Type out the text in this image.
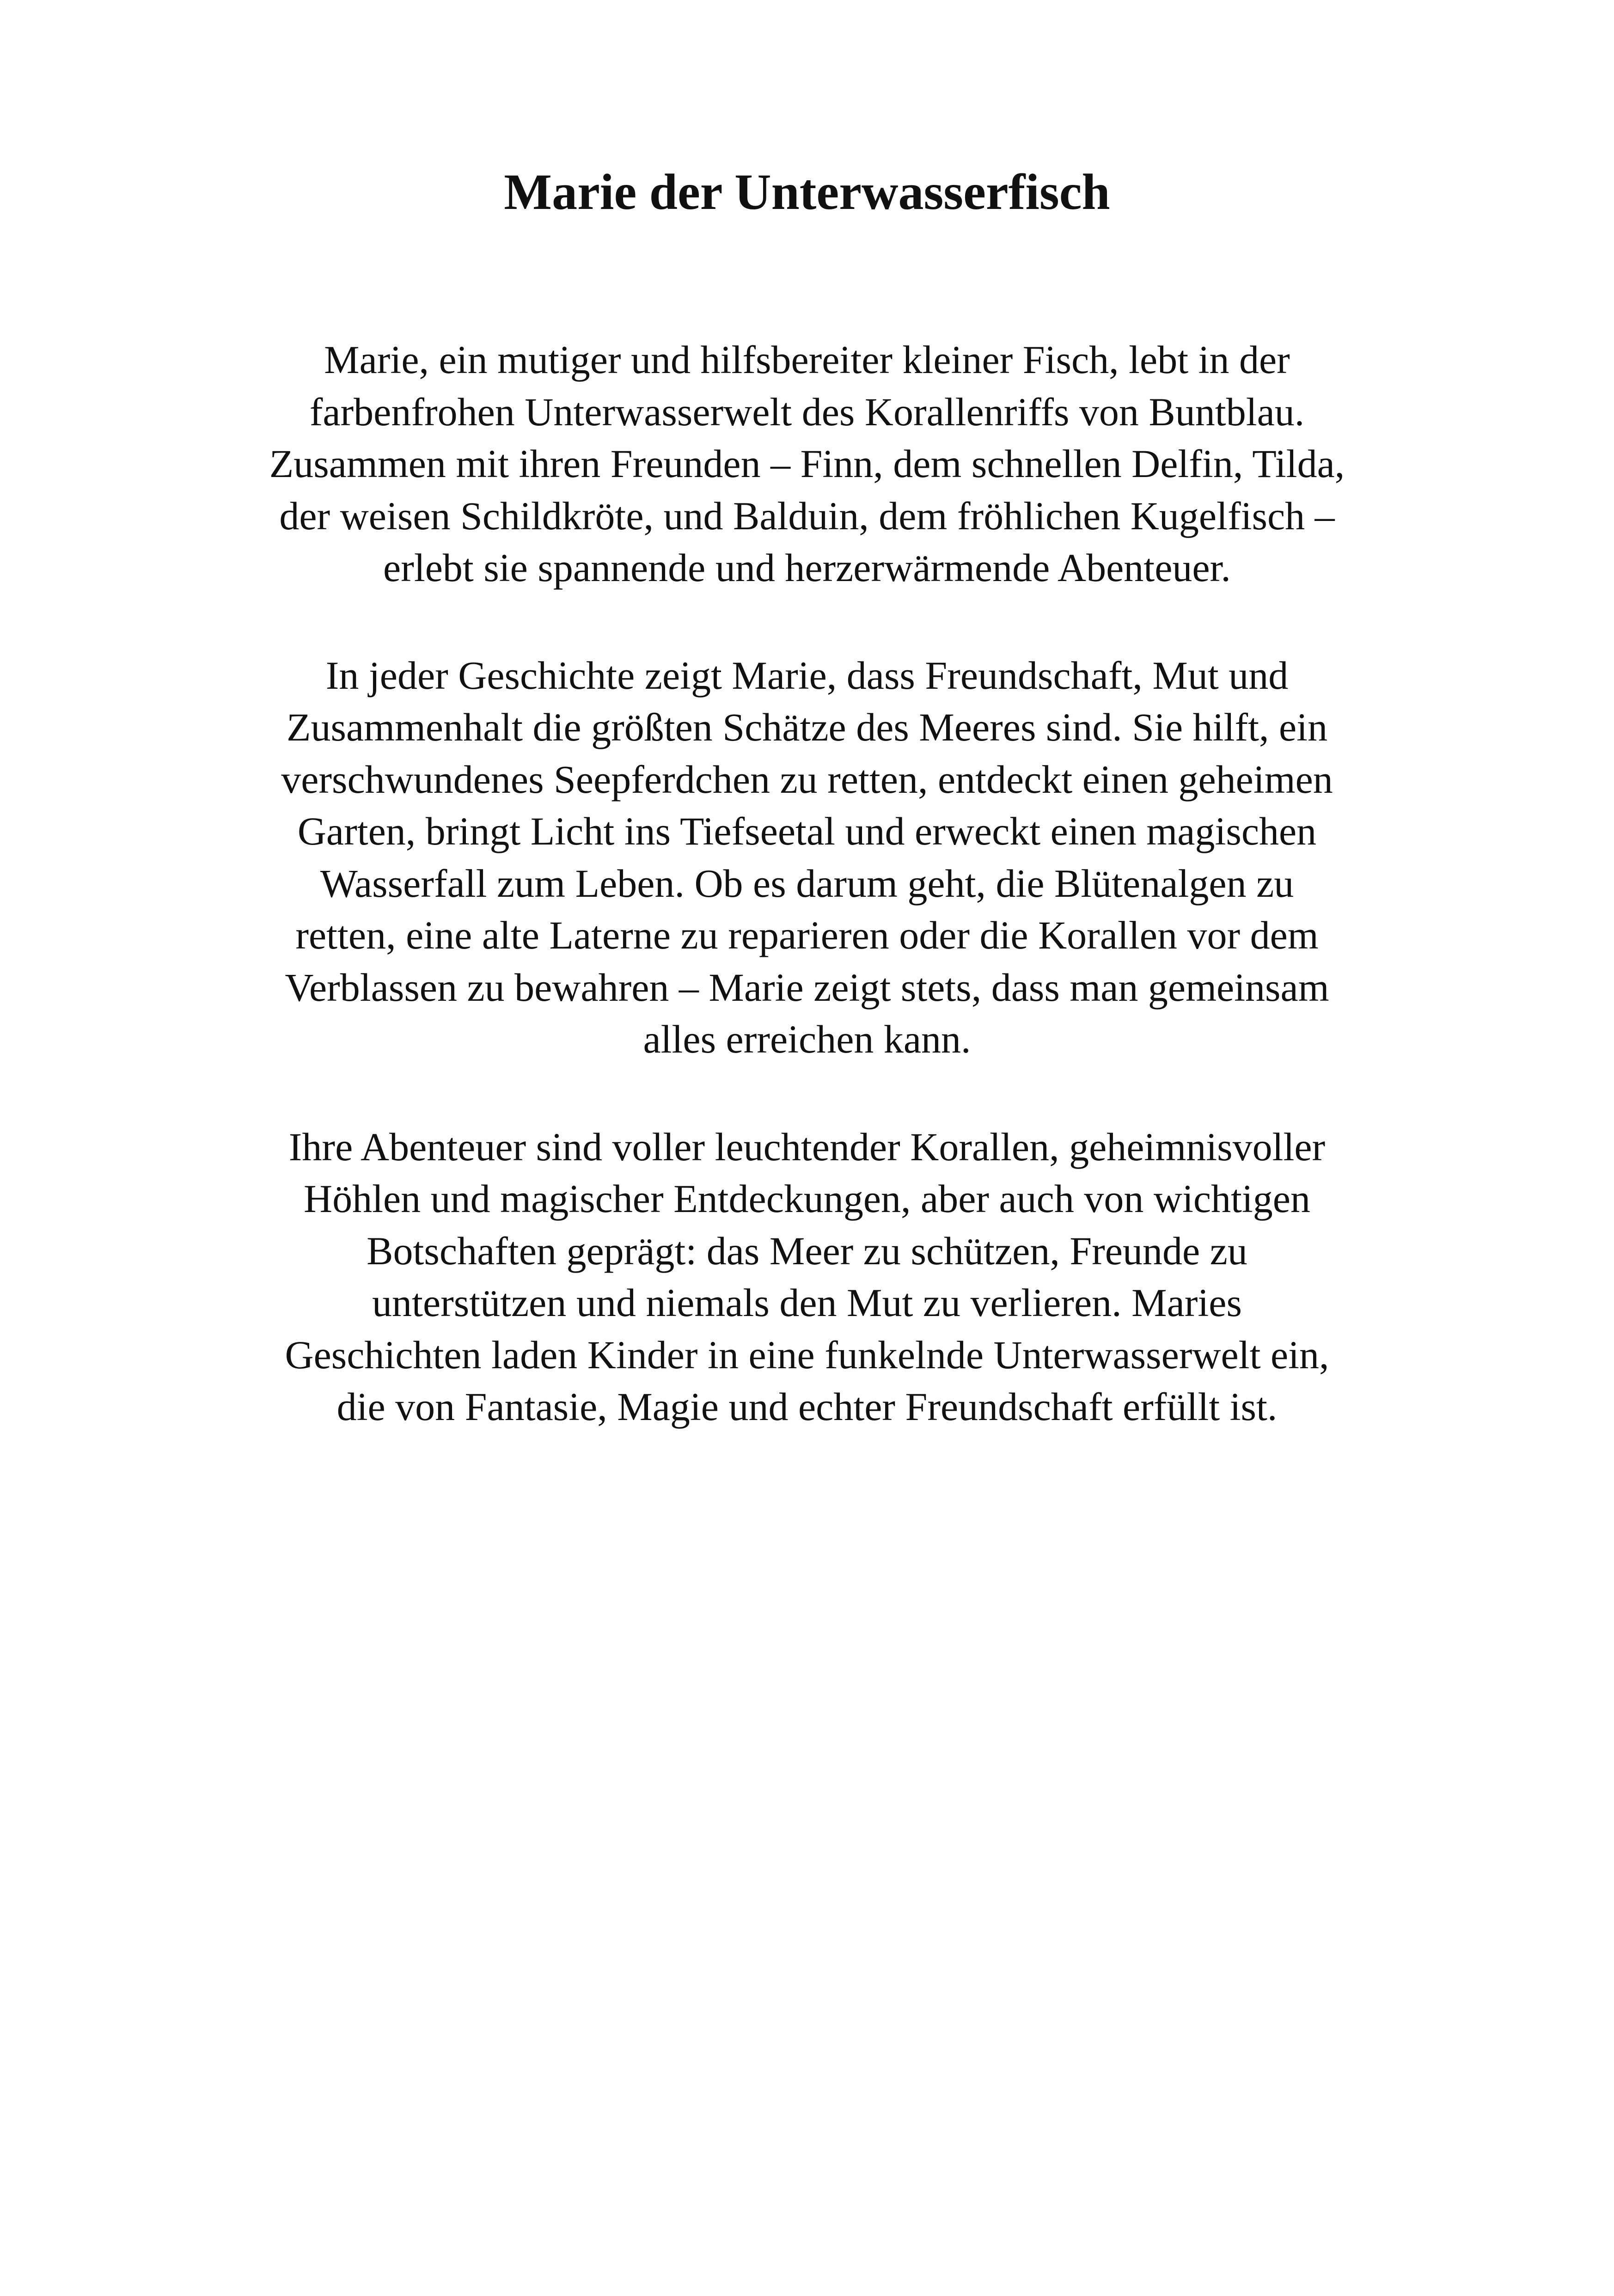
Marie der Unterwasserfisch

Marie, ein mutiger und hilfsbereiter kleiner Fisch, lebt in der
farbenfrohen Unterwasserwelt des Korallenriffs von Buntblau.
Zusammen mit ihren Freunden – Finn, dem schnellen Delfin, Tilda,
der weisen Schildkröte, und Balduin, dem fröhlichen Kugelfisch –
erlebt sie spannende und herzerwärmende Abenteuer.

In jeder Geschichte zeigt Marie, dass Freundschaft, Mut und
Zusammenhalt die größten Schätze des Meeres sind. Sie hilft, ein
verschwundenes Seepferdchen zu retten, entdeckt einen geheimen
Garten, bringt Licht ins Tiefseetal und erweckt einen magischen
Wasserfall zum Leben. Ob es darum geht, die Blütenalgen zu
retten, eine alte Laterne zu reparieren oder die Korallen vor dem
Verblassen zu bewahren – Marie zeigt stets, dass man gemeinsam
alles erreichen kann.

Ihre Abenteuer sind voller leuchtender Korallen, geheimnisvoller
Höhlen und magischer Entdeckungen, aber auch von wichtigen
Botschaften geprägt: das Meer zu schützen, Freunde zu
unterstützen und niemals den Mut zu verlieren. Maries
Geschichten laden Kinder in eine funkelnde Unterwasserwelt ein,
die von Fantasie, Magie und echter Freundschaft erfüllt ist.
